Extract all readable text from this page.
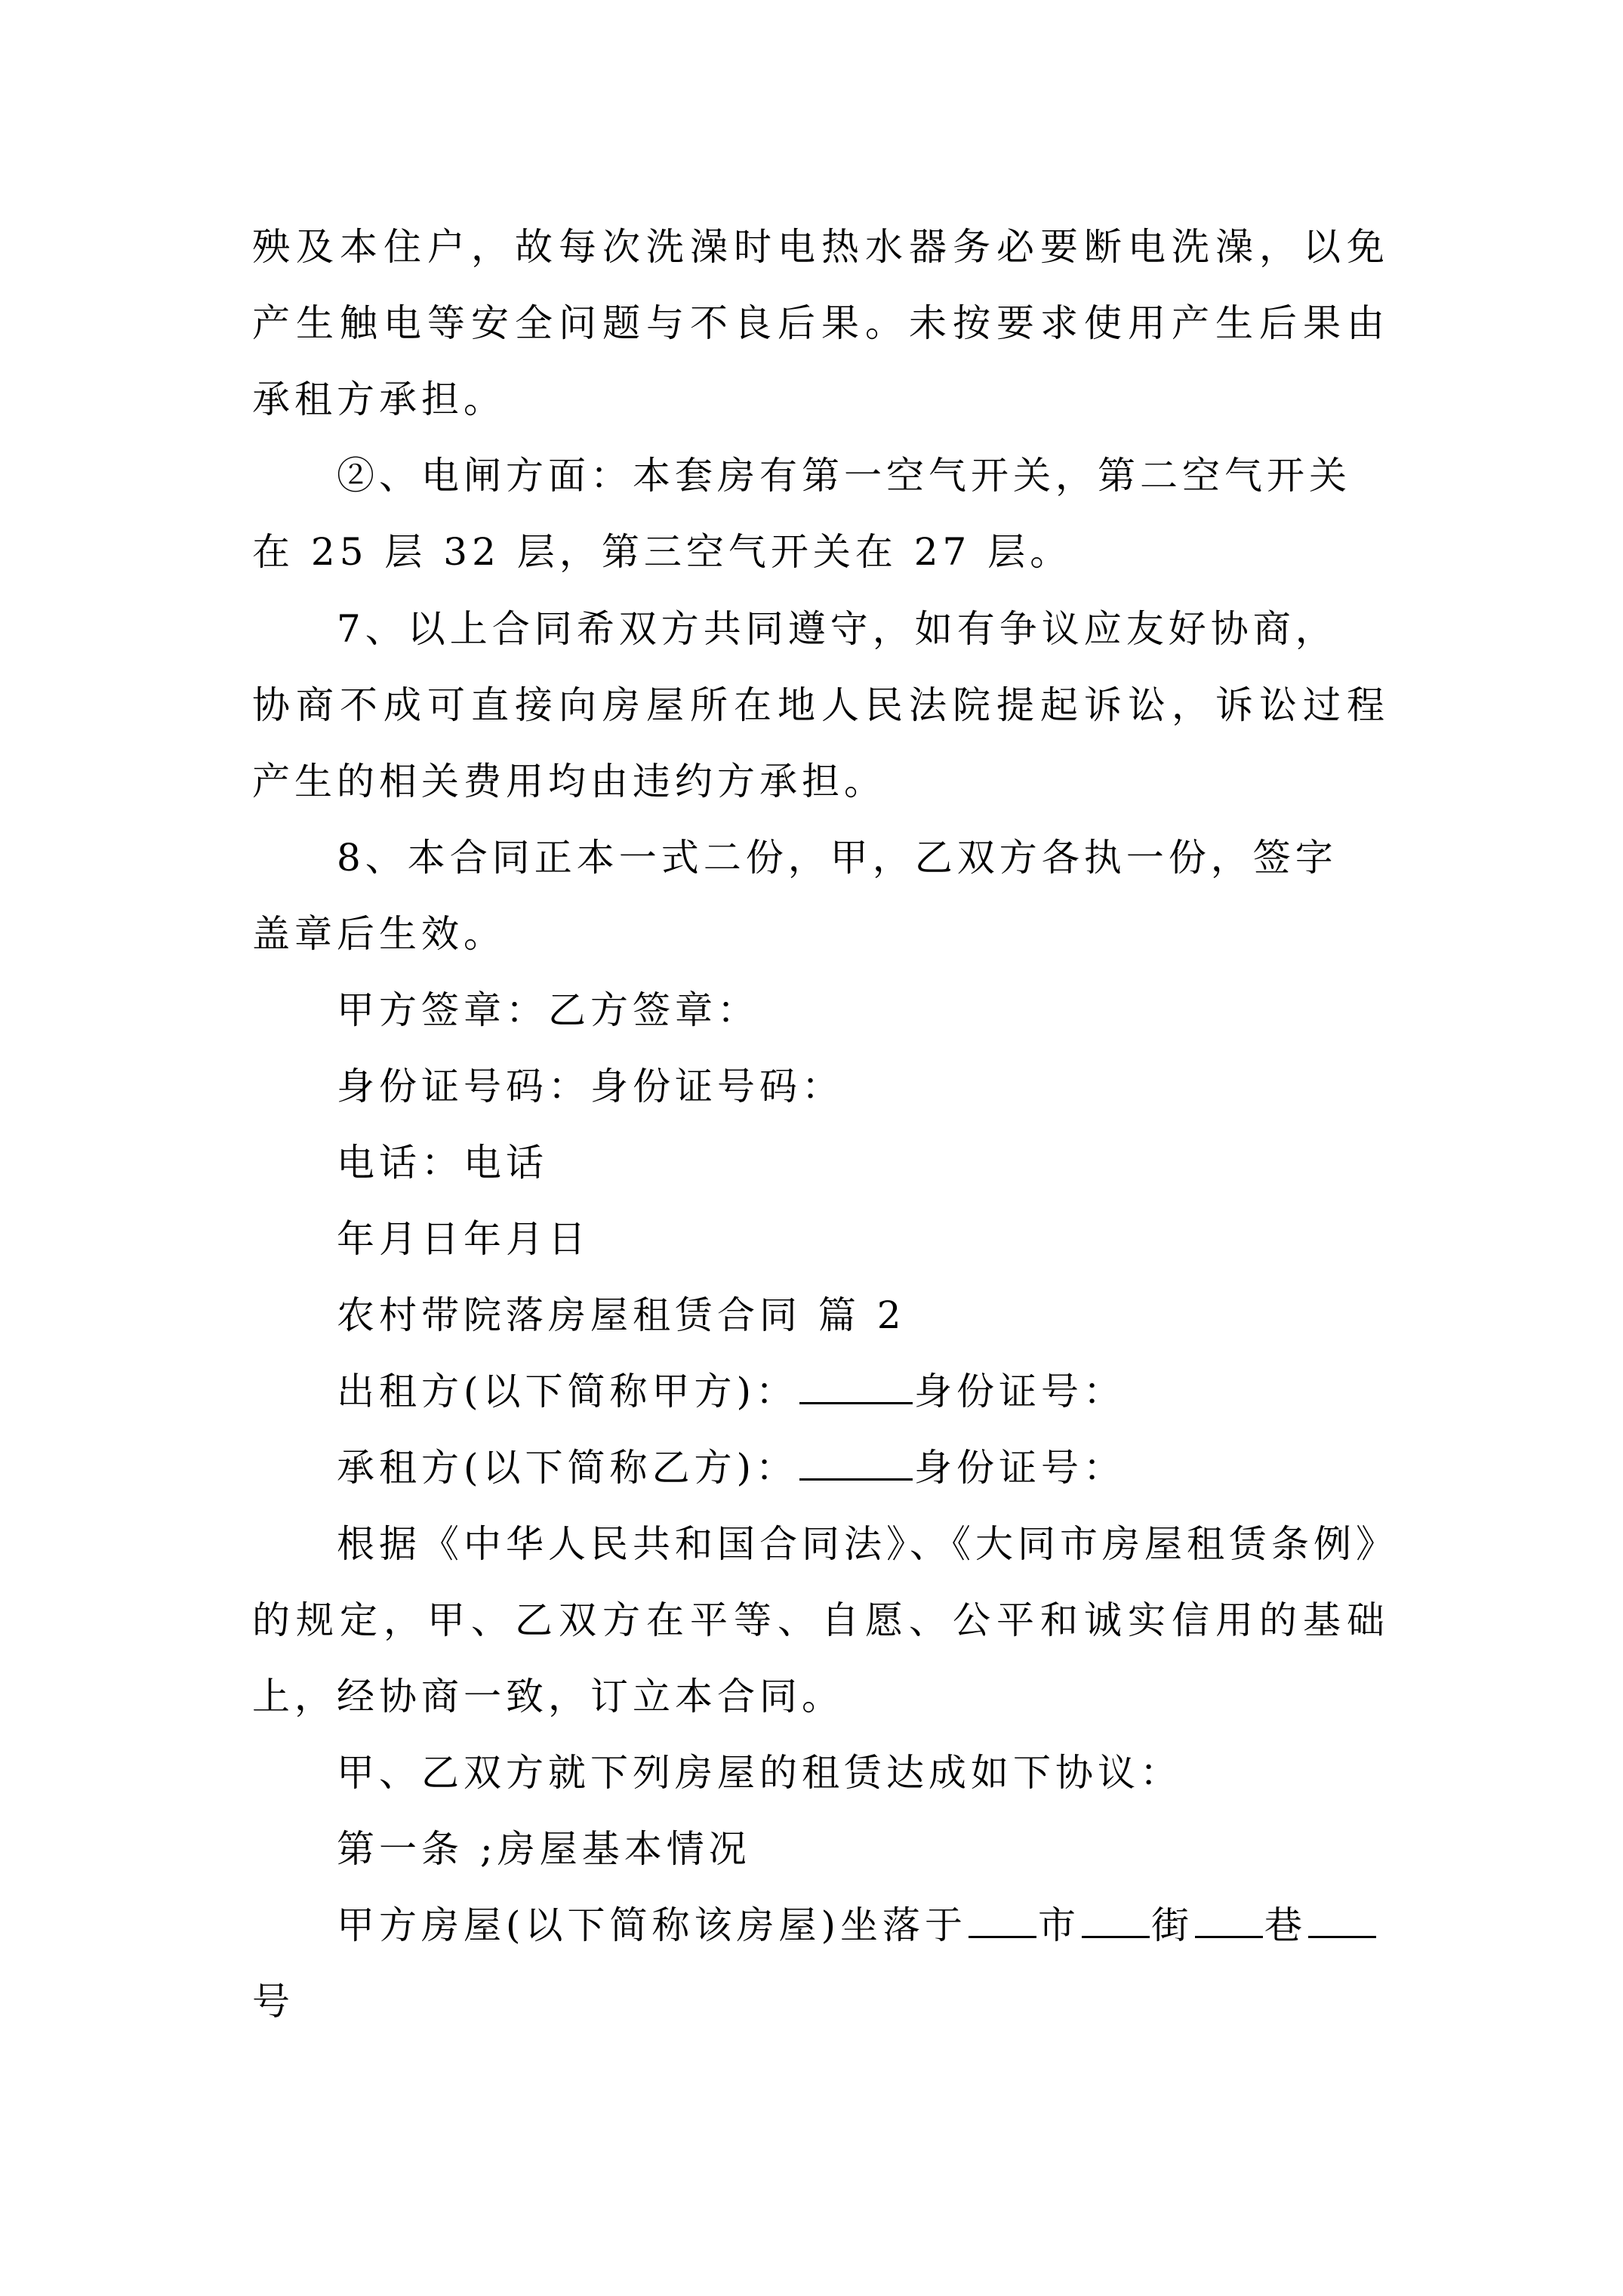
殃及本住户，故每次洗澡时电热水器务必要断电洗澡，以免
产生触电等安全问题与不良后果。未按要求使用产生后果由
承租方承担。
②、电闸方面：本套房有第一空气开关，第二空气开关
在 25 层 32 层，第三空气开关在 27 层。
7、以上合同希双方共同遵守，如有争议应友好协商，
协商不成可直接向房屋所在地人民法院提起诉讼，诉讼过程
产生的相关费用均由违约方承担。
8、本合同正本一式二份，甲，乙双方各执一份，签字
盖章后生效。
甲方签章：乙方签章：
身份证号码：身份证号码：
电话：电话
年月日年月日
农村带院落房屋租赁合同 篇 2
出租方(以下简称甲方)：	身份证号：
承租方(以下简称乙方)：	身份证号：
根据《中华人民共和国合同法》、《大同市房屋租赁条例》
的规定，甲、乙双方在平等、自愿、公平和诚实信用的基础
上，经协商一致，订立本合同。
甲、乙双方就下列房屋的租赁达成如下协议：
第一条 ;房屋基本情况
甲方房屋(以下简称该房屋)坐落于 市 街 巷
号
